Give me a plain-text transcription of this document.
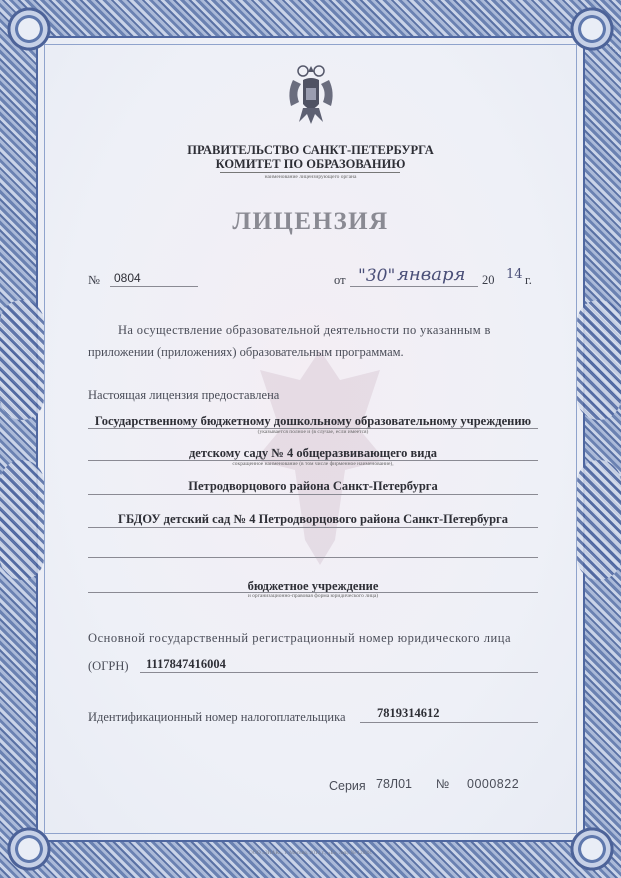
ПРАВИТЕЛЬСТВО САНКТ-ПЕТЕРБУРГА
КОМИТЕТ ПО ОБРАЗОВАНИЮ
наименование лицензирующего органа
ЛИЦЕНЗИЯ
№ 0804	от "30" января 20 14 г.
На осуществление образовательной деятельности по указанным в
приложении (приложениях) образовательным программам.
Настоящая лицензия предоставлена
Государственному бюджетному дошкольному образовательному учреждению
(указывается полное и (в случае, если имеется)
детскому саду № 4 общеразвивающего вида
сокращенное наименование (в том числе фирменное наименование),
Петродворцового района Санкт-Петербурга
ГБДОУ детский сад № 4 Петродворцового района Санкт-Петербурга
бюджетное учреждение
и организационно-правовая форма юридического лица)
Основной государственный регистрационный номер юридического лица
(ОГРН) 1117847416004
Идентификационный номер налогоплательщика	7819314612
Серия 78Л01 № 0000822
ООО «ЗНАК», г. Москва, 2012 г., «Б», лиц. № 12028.
